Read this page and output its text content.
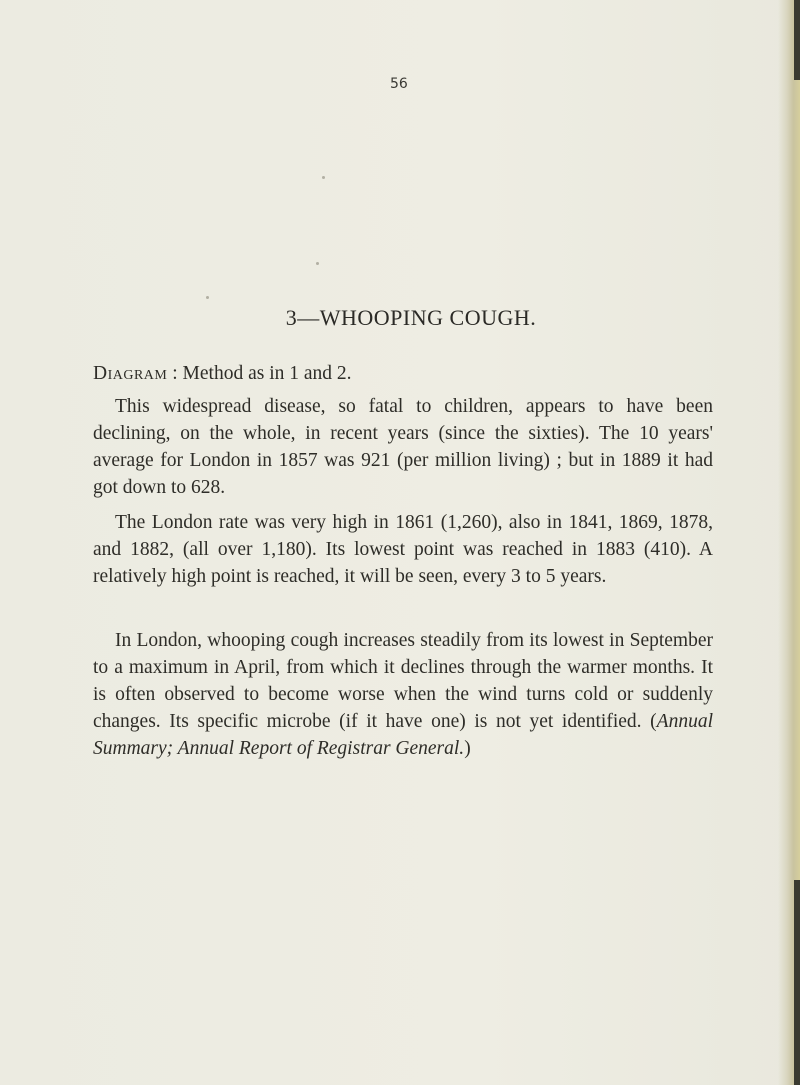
56
3—WHOOPING COUGH.
Diagram : Method as in 1 and 2.
This widespread disease, so fatal to children, appears to have been declining, on the whole, in recent years (since the sixties). The 10 years' average for London in 1857 was 921 (per million living) ; but in 1889 it had got down to 628.
The London rate was very high in 1861 (1,260), also in 1841, 1869, 1878, and 1882, (all over 1,180). Its lowest point was reached in 1883 (410). A relatively high point is reached, it will be seen, every 3 to 5 years.
In London, whooping cough increases steadily from its lowest in September to a maximum in April, from which it declines through the warmer months. It is often observed to become worse when the wind turns cold or suddenly changes. Its specific microbe (if it have one) is not yet identified. (Annual Summary; Annual Report of Registrar General.)
